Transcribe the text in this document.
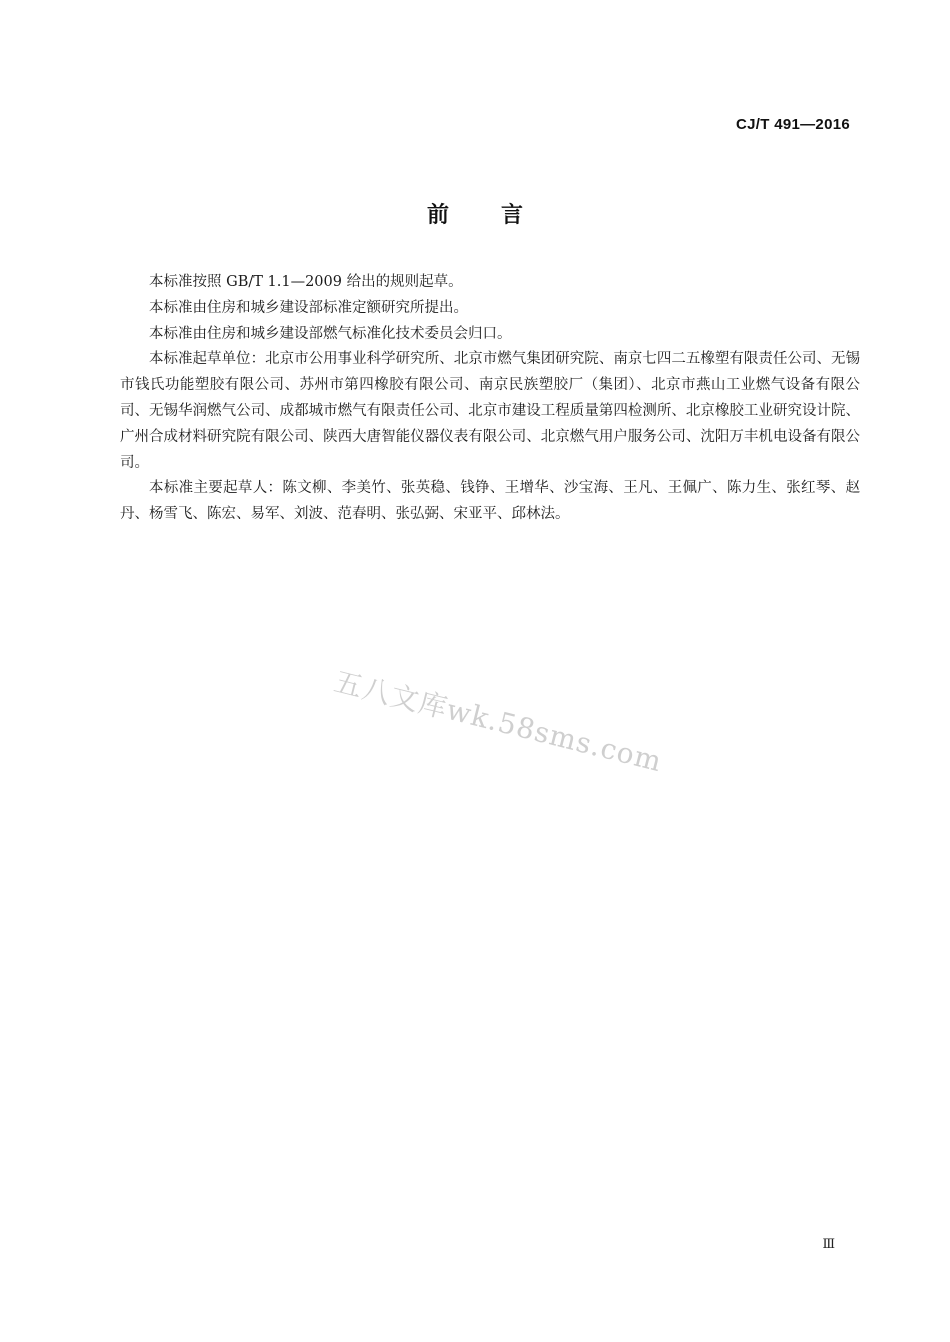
CJ/T 491—2016
前言

本标准按照 GB/T 1.1—2009 给出的规则起草。

本标准由住房和城乡建设部标准定额研究所提出。

本标准由住房和城乡建设部燃气标准化技术委员会归口。

本标准起草单位：北京市公用事业科学研究所、北京市燃气集团研究院、南京七四二五橡塑有限责任公司、无锡市钱氏功能塑胶有限公司、苏州市第四橡胶有限公司、南京民族塑胶厂（集团）、北京市燕山工业燃气设备有限公司、无锡华润燃气公司、成都城市燃气有限责任公司、北京市建设工程质量第四检测所、北京橡胶工业研究设计院、广州合成材料研究院有限公司、陕西大唐智能仪器仪表有限公司、北京燃气用户服务公司、沈阳万丰机电设备有限公司。

本标准主要起草人：陈文柳、李美竹、张英稳、钱铮、王增华、沙宝海、王凡、王佩广、陈力生、张红琴、赵丹、杨雪飞、陈宏、易军、刘波、范春明、张弘弼、宋亚平、邱林法。

五八文库wk.58sms.com
Ⅲ
